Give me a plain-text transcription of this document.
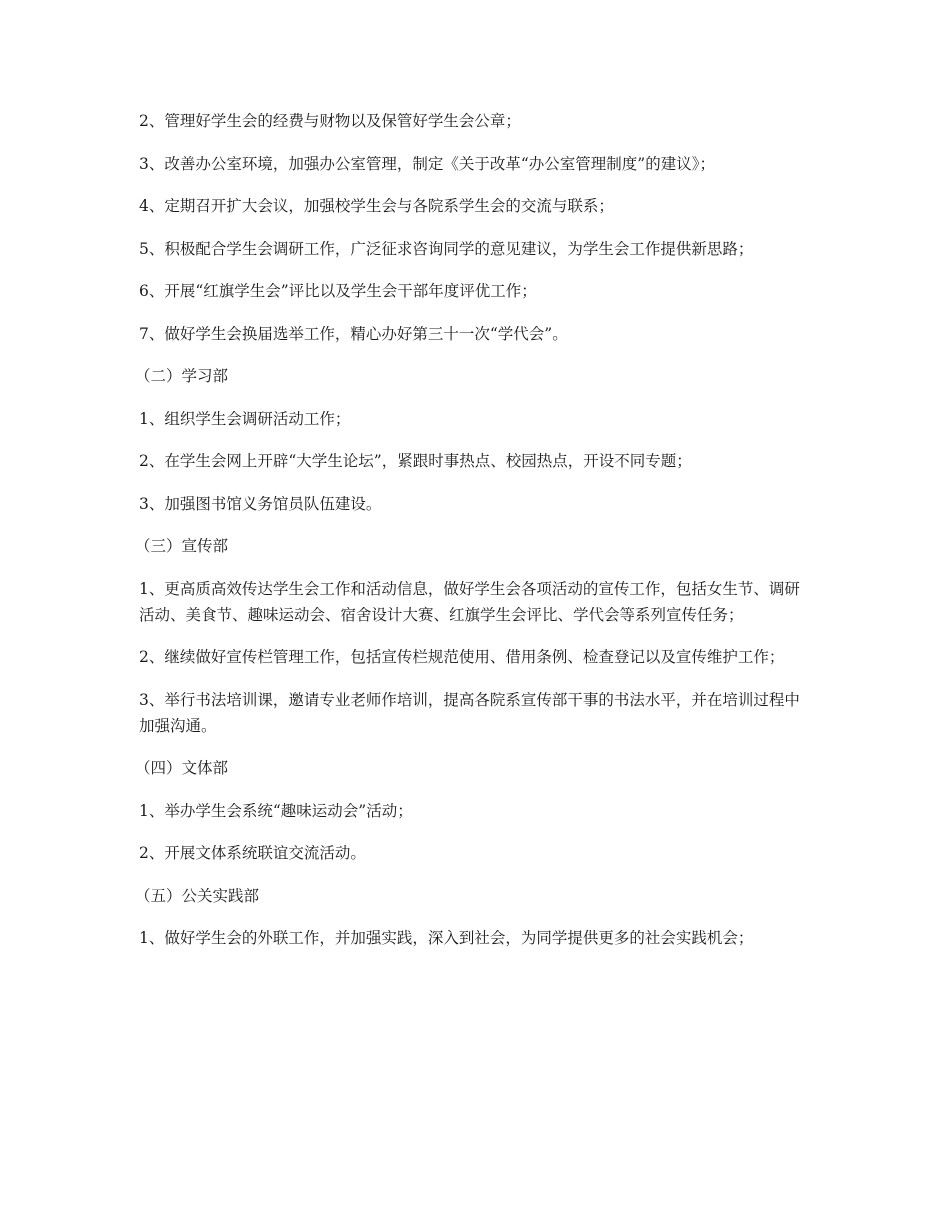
2、管理好学生会的经费与财物以及保管好学生会公章；

3、改善办公室环境，加强办公室管理，制定《关于改革“办公室管理制度”的建议》；

4、定期召开扩大会议，加强校学生会与各院系学生会的交流与联系；

5、积极配合学生会调研工作，广泛征求咨询同学的意见建议，为学生会工作提供新思路；

6、开展“红旗学生会”评比以及学生会干部年度评优工作；

7、做好学生会换届选举工作，精心办好第三十一次“学代会”。

（二）学习部

1、组织学生会调研活动工作；

2、在学生会网上开辟“大学生论坛”，紧跟时事热点、校园热点，开设不同专题；

3、加强图书馆义务馆员队伍建设。

（三）宣传部

1、更高质高效传达学生会工作和活动信息，做好学生会各项活动的宣传工作，包括女生节、调研活动、美食节、趣味运动会、宿舍设计大赛、红旗学生会评比、学代会等系列宣传任务；

2、继续做好宣传栏管理工作，包括宣传栏规范使用、借用条例、检查登记以及宣传维护工作；

3、举行书法培训课，邀请专业老师作培训，提高各院系宣传部干事的书法水平，并在培训过程中加强沟通。

（四）文体部

1、举办学生会系统“趣味运动会”活动；

2、开展文体系统联谊交流活动。

（五）公关实践部

1、做好学生会的外联工作，并加强实践，深入到社会，为同学提供更多的社会实践机会；
